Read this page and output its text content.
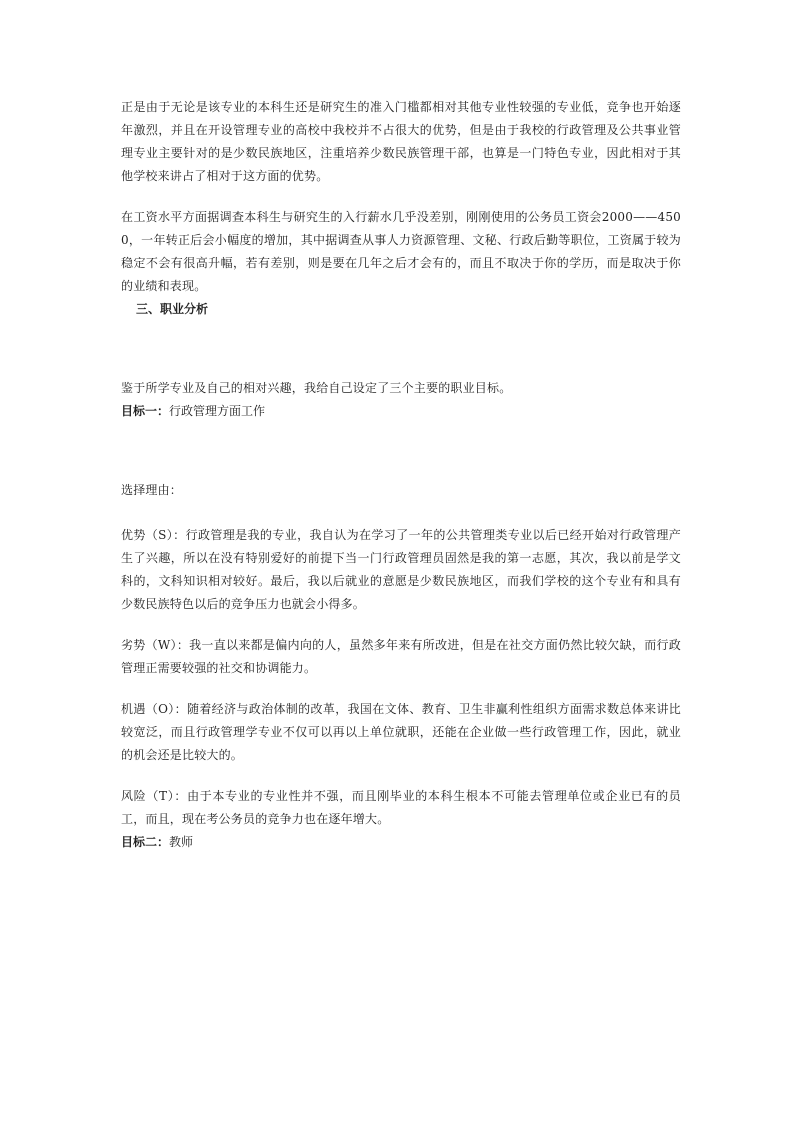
正是由于无论是该专业的本科生还是研究生的准入门槛都相对其他专业性较强的专业低，竞争也开始逐年激烈，并且在开设管理专业的高校中我校并不占很大的优势，但是由于我校的行政管理及公共事业管理专业主要针对的是少数民族地区，注重培养少数民族管理干部，也算是一门特色专业，因此相对于其他学校来讲占了相对于这方面的优势。

在工资水平方面据调查本科生与研究生的入行薪水几乎没差别，刚刚使用的公务员工资会2000——4500，一年转正后会小幅度的增加，其中据调查从事人力资源管理、文秘、行政后勤等职位，工资属于较为稳定不会有很高升幅，若有差别，则是要在几年之后才会有的，而且不取决于你的学历，而是取决于你的业绩和表现。

三、职业分析

鉴于所学专业及自己的相对兴趣，我给自己设定了三个主要的职业目标。

目标一：行政管理方面工作

选择理由：

优势（S）：行政管理是我的专业，我自认为在学习了一年的公共管理类专业以后已经开始对行政管理产生了兴趣，所以在没有特别爱好的前提下当一门行政管理员固然是我的第一志愿，其次，我以前是学文科的，文科知识相对较好。最后，我以后就业的意愿是少数民族地区，而我们学校的这个专业有和具有少数民族特色以后的竞争压力也就会小得多。

劣势（W）：我一直以来都是偏内向的人，虽然多年来有所改进，但是在社交方面仍然比较欠缺，而行政管理正需要较强的社交和协调能力。

机遇（O）：随着经济与政治体制的改革，我国在文体、教育、卫生非赢利性组织方面需求数总体来讲比较宽泛，而且行政管理学专业不仅可以再以上单位就职，还能在企业做一些行政管理工作，因此，就业的机会还是比较大的。

风险（T）：由于本专业的专业性并不强，而且刚毕业的本科生根本不可能去管理单位或企业已有的员工，而且，现在考公务员的竞争力也在逐年增大。

目标二：教师
